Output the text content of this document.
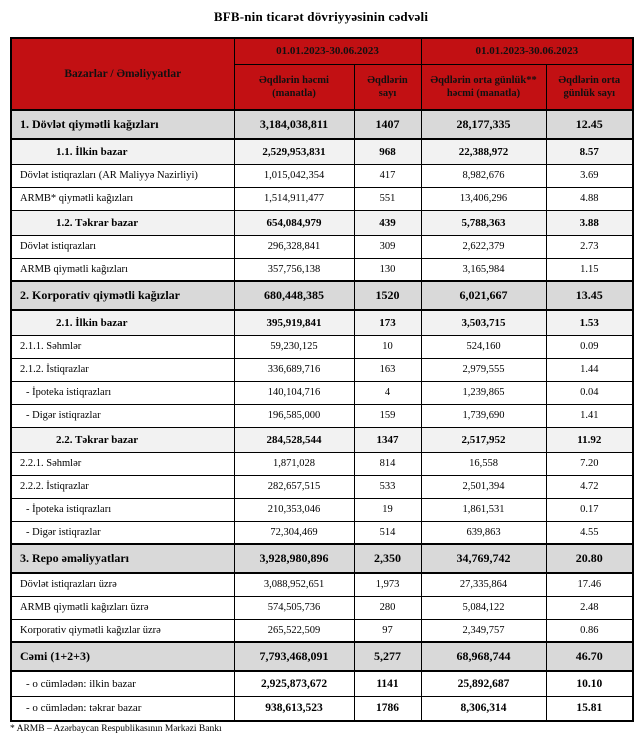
BFB-nin ticarət dövriyyəsinin cədvəli
Bazarlar / Əməliyyatlar	01.01.2023-30.06.2023		01.01.2023-30.06.2023	
	Əqdlərin həcmi (manatla)	Əqdlərin sayı	Əqdlərin orta günlük** həcmi (manatla)	Əqdlərin orta günlük sayı
1. Dövlət qiymətli kağızları	3,184,038,811	1407	28,177,335	12.45
1.1. İlkin bazar	2,529,953,831	968	22,388,972	8.57
Dövlət istiqrazları (AR Maliyyə Nazirliyi)	1,015,042,354	417	8,982,676	3.69
ARMB* qiymətli kağızları	1,514,911,477	551	13,406,296	4.88
1.2. Təkrar bazar	654,084,979	439	5,788,363	3.88
Dövlət istiqrazları	296,328,841	309	2,622,379	2.73
ARMB qiymətli kağızları	357,756,138	130	3,165,984	1.15
2. Korporativ qiymətli kağızlar	680,448,385	1520	6,021,667	13.45
2.1. İlkin bazar	395,919,841	173	3,503,715	1.53
2.1.1. Səhmlər	59,230,125	10	524,160	0.09
2.1.2. İstiqrazlar	336,689,716	163	2,979,555	1.44
- İpoteka istiqrazları	140,104,716	4	1,239,865	0.04
- Digər istiqrazlar	196,585,000	159	1,739,690	1.41
2.2. Təkrar bazar	284,528,544	1347	2,517,952	11.92
2.2.1. Səhmlər	1,871,028	814	16,558	7.20
2.2.2. İstiqrazlar	282,657,515	533	2,501,394	4.72
- İpoteka istiqrazları	210,353,046	19	1,861,531	0.17
- Digər istiqrazlar	72,304,469	514	639,863	4.55
3. Repo əməliyyatları	3,928,980,896	2,350	34,769,742	20.80
Dövlət istiqrazları üzrə	3,088,952,651	1,973	27,335,864	17.46
ARMB qiymətli kağızları üzrə	574,505,736	280	5,084,122	2.48
Korporativ qiymətli kağızlar üzrə	265,522,509	97	2,349,757	0.86
Cəmi (1+2+3)	7,793,468,091	5,277	68,968,744	46.70
- o cümlədən: ilkin bazar	2,925,873,672	1141	25,892,687	10.10
- o cümlədən: təkrar bazar	938,613,523	1786	8,306,314	15.81
* ARMB – Azərbaycan Respublikasının Mərkəzi Bankı
